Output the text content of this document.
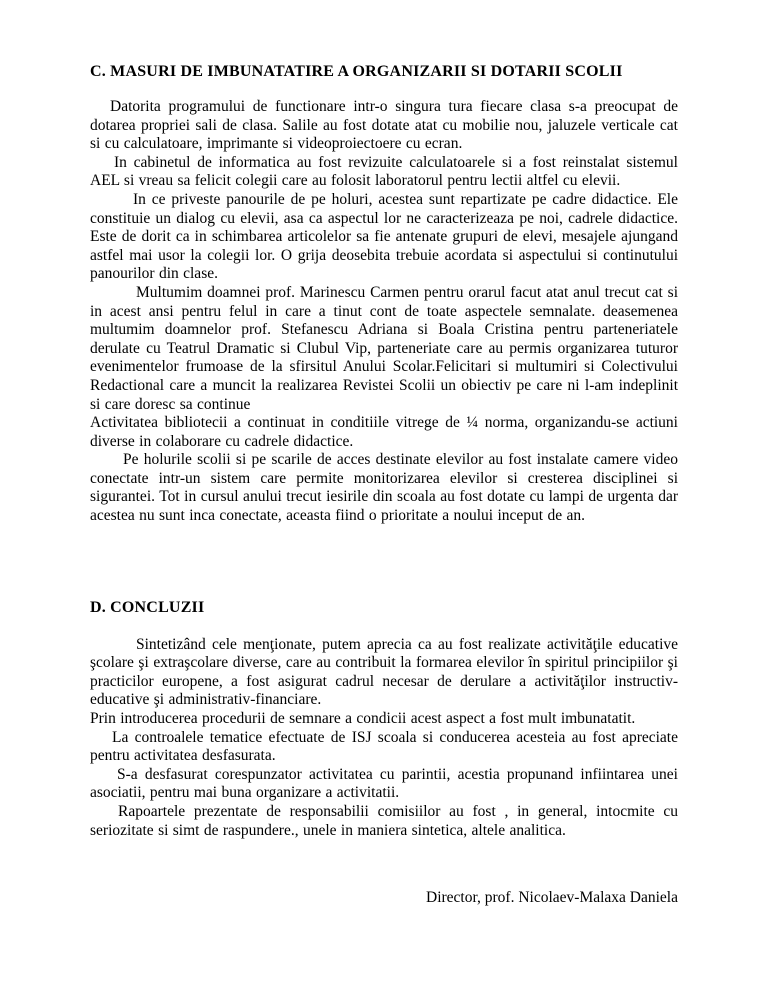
C. MASURI DE IMBUNATATIRE A ORGANIZARII SI DOTARII SCOLII

Datorita programului de functionare intr-o singura tura fiecare clasa s-a preocupat de dotarea propriei sali de clasa. Salile au fost dotate atat cu mobilie nou, jaluzele verticale cat si cu calculatoare, imprimante si videoproiectoere cu ecran.

In cabinetul de informatica au fost revizuite calculatoarele si a fost reinstalat sistemul AEL si vreau sa felicit colegii care au folosit laboratorul pentru lectii altfel cu elevii.

In ce priveste panourile de pe holuri, acestea sunt repartizate pe cadre didactice. Ele constituie un dialog cu elevii, asa ca aspectul lor ne caracterizeaza pe noi, cadrele didactice. Este de dorit ca in schimbarea articolelor sa fie antenate grupuri de elevi, mesajele ajungand astfel mai usor la colegii lor. O grija deosebita trebuie acordata si aspectului si continutului panourilor din clase.

Multumim doamnei prof. Marinescu Carmen pentru orarul facut atat anul trecut cat si in acest ansi pentru felul in care a tinut cont de toate aspectele semnalate. deasemenea multumim doamnelor prof. Stefanescu Adriana si Boala Cristina pentru parteneriatele derulate cu Teatrul Dramatic si Clubul Vip, parteneriate care au permis organizarea tuturor evenimentelor frumoase de la sfirsitul Anului Scolar.Felicitari si multumiri si Colectivului Redactional care a muncit la realizarea Revistei Scolii un obiectiv pe care ni l-am indeplinit si care doresc sa continue

Activitatea bibliotecii a continuat in conditiile vitrege de ¼ norma, organizandu-se actiuni diverse in colaborare cu cadrele didactice.

Pe holurile scolii si pe scarile de acces destinate elevilor au fost instalate camere video conectate intr-un sistem care permite monitorizarea elevilor si cresterea disciplinei si sigurantei. Tot in cursul anului trecut iesirile din scoala au fost dotate cu lampi de urgenta dar acestea nu sunt inca conectate, aceasta fiind o prioritate a noului inceput de an.

D. CONCLUZII

Sintetizând cele menţionate, putem aprecia ca au fost realizate activităţile educative şcolare şi extraşcolare diverse, care au contribuit la formarea elevilor în spiritul principiilor şi practicilor europene, a fost asigurat cadrul necesar de derulare a activităţilor instructiv-educative şi administrativ-financiare.

Prin introducerea procedurii de semnare a condicii acest aspect a fost mult imbunatatit.

La controalele tematice efectuate de ISJ scoala si conducerea acesteia au fost apreciate pentru activitatea desfasurata.

S-a desfasurat corespunzator activitatea cu parintii, acestia propunand infiintarea unei asociatii, pentru mai buna organizare a activitatii.

Rapoartele prezentate de responsabilii comisiilor au fost , in general, intocmite cu seriozitate si simt de raspundere., unele in maniera sintetica, altele analitica.

Director, prof. Nicolaev-Malaxa Daniela
